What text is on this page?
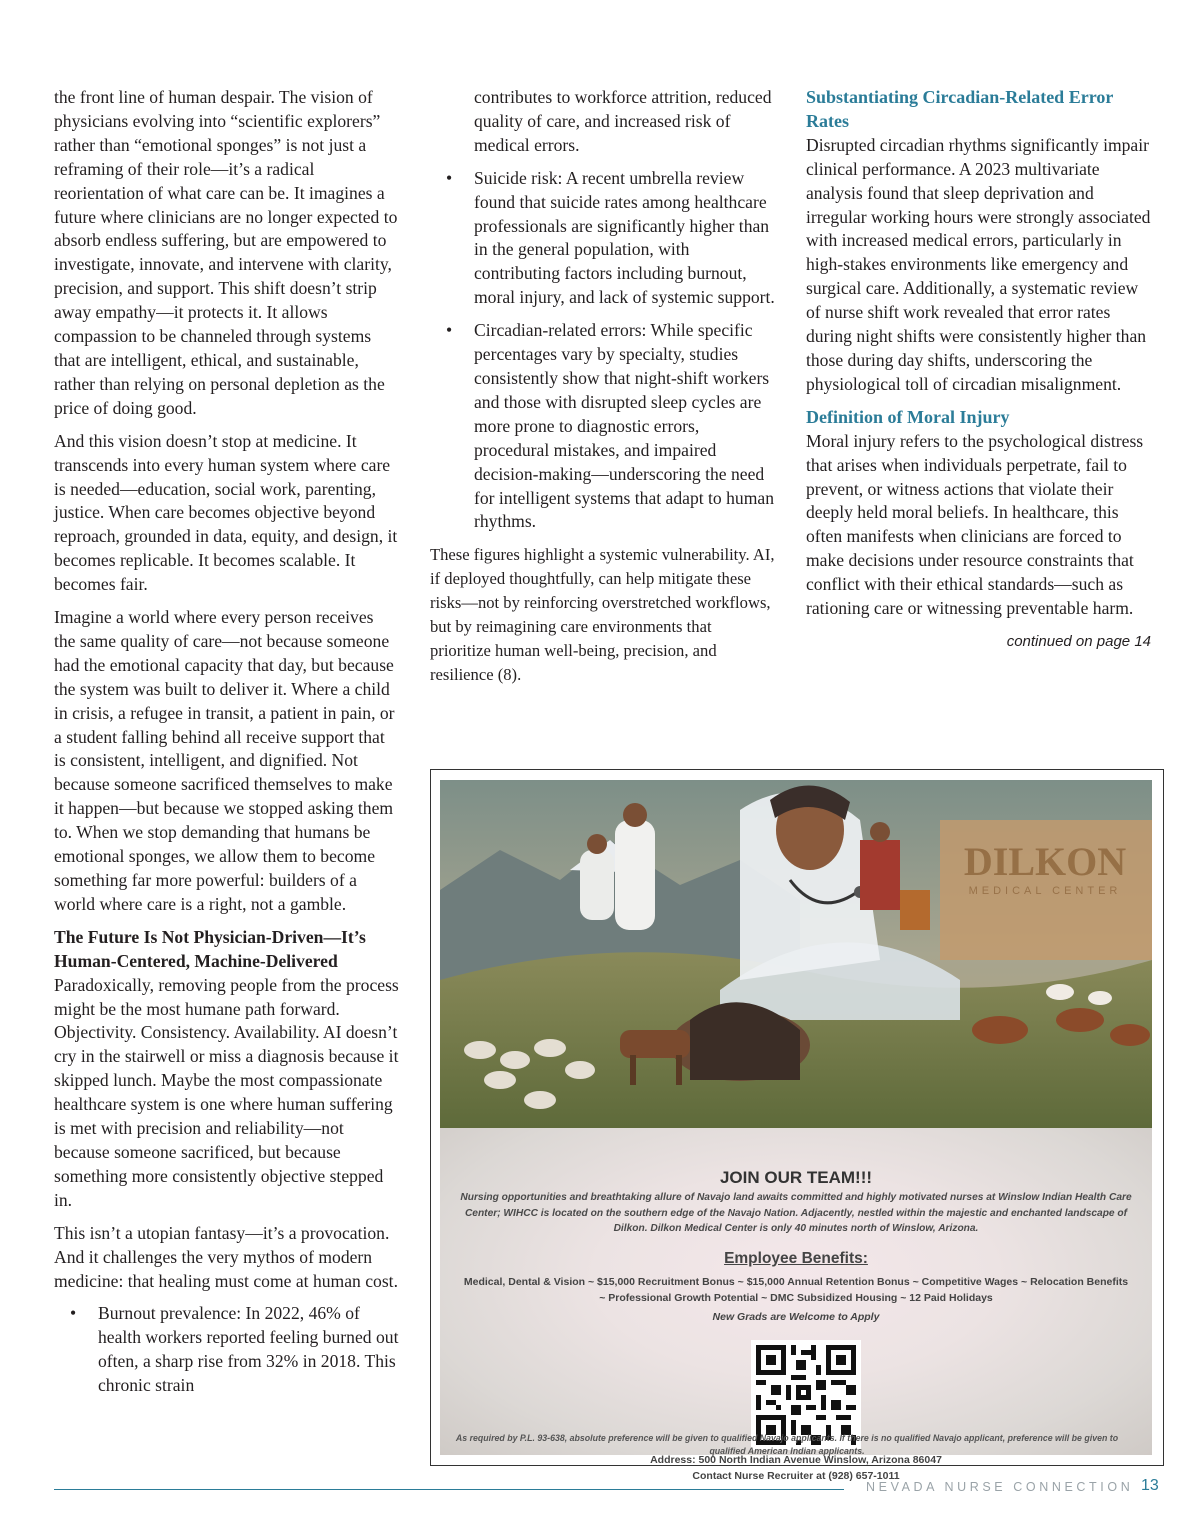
the front line of human despair. The vision of physicians evolving into “scientific explorers” rather than “emotional sponges” is not just a reframing of their role—it’s a radical reorientation of what care can be. It imagines a future where clinicians are no longer expected to absorb endless suffering, but are empowered to investigate, innovate, and intervene with clarity, precision, and support. This shift doesn’t strip away empathy—it protects it. It allows compassion to be channeled through systems that are intelligent, ethical, and sustainable, rather than relying on personal depletion as the price of doing good.

And this vision doesn’t stop at medicine. It transcends into every human system where care is needed—education, social work, parenting, justice. When care becomes objective beyond reproach, grounded in data, equity, and design, it becomes replicable. It becomes scalable. It becomes fair.

Imagine a world where every person receives the same quality of care—not because someone had the emotional capacity that day, but because the system was built to deliver it. Where a child in crisis, a refugee in transit, a patient in pain, or a student falling behind all receive support that is consistent, intelligent, and dignified. Not because someone sacrificed themselves to make it happen—but because we stopped asking them to. When we stop demanding that humans be emotional sponges, we allow them to become something far more powerful: builders of a world where care is a right, not a gamble.

The Future Is Not Physician-Driven—It’s Human-Centered, Machine-Delivered

Paradoxically, removing people from the process might be the most humane path forward. Objectivity. Consistency. Availability. AI doesn’t cry in the stairwell or miss a diagnosis because it skipped lunch. Maybe the most compassionate healthcare system is one where human suffering is met with precision and reliability—not because someone sacrificed, but because something more consistently objective stepped in.

This isn’t a utopian fantasy—it’s a provocation. And it challenges the very mythos of modern medicine: that healing must come at human cost.

• Burnout prevalence: In 2022, 46% of health workers reported feeling burned out often, a sharp rise from 32% in 2018. This chronic strain
contributes to workforce attrition, reduced quality of care, and increased risk of medical errors.
• Suicide risk: A recent umbrella review found that suicide rates among healthcare professionals are significantly higher than in the general population, with contributing factors including burnout, moral injury, and lack of systemic support.
• Circadian-related errors: While specific percentages vary by specialty, studies consistently show that night-shift workers and those with disrupted sleep cycles are more prone to diagnostic errors, procedural mistakes, and impaired decision-making—underscoring the need for intelligent systems that adapt to human rhythms.

These figures highlight a systemic vulnerability. AI, if deployed thoughtfully, can help mitigate these risks—not by reinforcing overstretched workflows, but by reimagining care environments that prioritize human well-being, precision, and resilience (8).

Substantiating Circadian-Related Error Rates

Disrupted circadian rhythms significantly impair clinical performance. A 2023 multivariate analysis found that sleep deprivation and irregular working hours were strongly associated with increased medical errors, particularly in high-stakes environments like emergency and surgical care. Additionally, a systematic review of nurse shift work revealed that error rates during night shifts were consistently higher than those during day shifts, underscoring the physiological toll of circadian misalignment.

Definition of Moral Injury

Moral injury refers to the psychological distress that arises when individuals perpetrate, fail to prevent, or witness actions that violate their deeply held moral beliefs. In healthcare, this often manifests when clinicians are forced to make decisions under resource constraints that conflict with their ethical standards—such as rationing care or witnessing preventable harm.

continued on page 14
DILKON
MEDICAL CENTER
JOIN OUR TEAM!!!
Nursing opportunities and breathtaking allure of Navajo land awaits committed and highly motivated nurses at Winslow Indian Health Care Center; WIHCC is located on the southern edge of the Navajo Nation. Adjacently, nestled within the majestic and enchanted landscape of Dilkon. Dilkon Medical Center is only 40 minutes north of Winslow, Arizona.
Employee Benefits:
Medical, Dental & Vision ~ $15,000 Recruitment Bonus ~ $15,000 Annual Retention Bonus ~ Competitive Wages ~ Relocation Benefits ~ Professional Growth Potential ~ DMC Subsidized Housing ~ 12 Paid Holidays
New Grads are Welcome to Apply
Address: 500 North Indian Avenue Winslow, Arizona 86047
Contact Nurse Recruiter at (928) 657-1011
As required by P.L. 93-638, absolute preference will be given to qualified Navajo applicants. If there is no qualified Navajo applicant, preference will be given to qualified American Indian applicants.
NEVADA NURSE CONNECTION 13
